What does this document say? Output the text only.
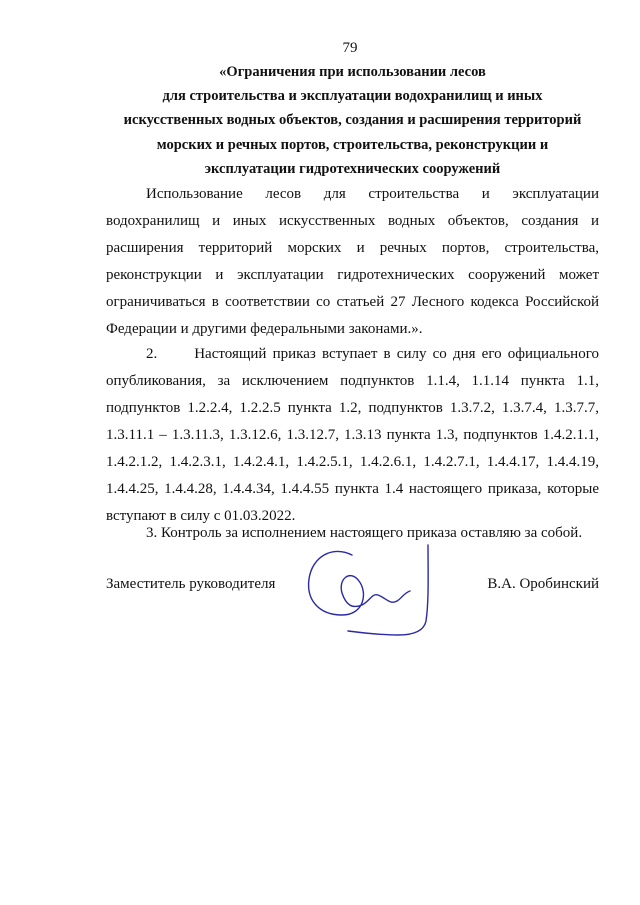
79
«Ограничения при использовании лесов
для строительства и эксплуатации водохранилищ и иных
искусственных водных объектов, создания и расширения территорий
морских и речных портов, строительства, реконструкции и
эксплуатации гидротехнических сооружений
Использование лесов для строительства и эксплуатации
водохранилищ и иных искусственных водных объектов, создания и
расширения территорий морских и речных портов, строительства,
реконструкции и эксплуатации гидротехнических сооружений может
ограничиваться в соответствии со статьей 27 Лесного кодекса Российской
Федерации и другими федеральными законами.».
2.      Настоящий приказ вступает в силу со дня его официального
опубликования, за исключением подпунктов 1.1.4, 1.1.14 пункта 1.1,
подпунктов 1.2.2.4, 1.2.2.5 пункта 1.2, подпунктов 1.3.7.2, 1.3.7.4, 1.3.7.7,
1.3.11.1 – 1.3.11.3, 1.3.12.6, 1.3.12.7, 1.3.13 пункта 1.3, подпунктов 1.4.2.1.1,
1.4.2.1.2, 1.4.2.3.1, 1.4.2.4.1, 1.4.2.5.1, 1.4.2.6.1, 1.4.2.7.1, 1.4.4.17, 1.4.4.19,
1.4.4.25, 1.4.4.28, 1.4.4.34, 1.4.4.55 пункта 1.4 настоящего приказа, которые
вступают в силу с 01.03.2022.
3. Контроль за исполнением настоящего приказа оставляю за собой.
Заместитель руководителя	В.А. Оробинский
